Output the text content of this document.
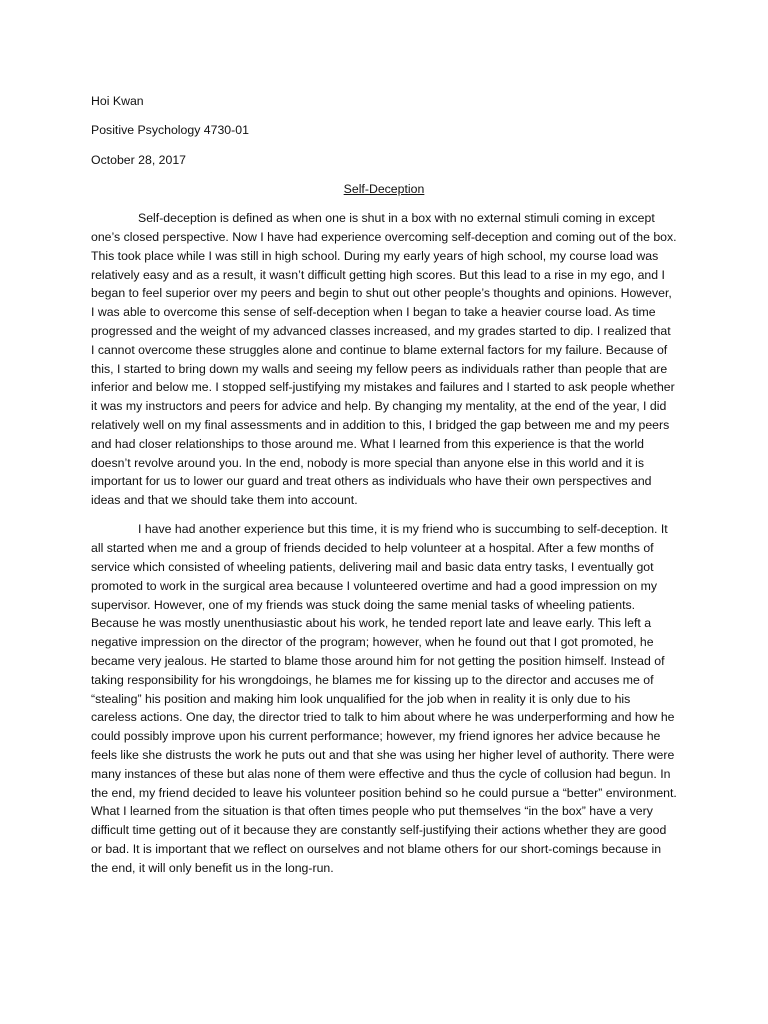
Hoi Kwan
Positive Psychology 4730-01
October 28, 2017
Self-Deception

Self-deception is defined as when one is shut in a box with no external stimuli coming in except one’s closed perspective. Now I have had experience overcoming self-deception and coming out of the box. This took place while I was still in high school. During my early years of high school, my course load was relatively easy and as a result, it wasn’t difficult getting high scores. But this lead to a rise in my ego, and I began to feel superior over my peers and begin to shut out other people’s thoughts and opinions. However, I was able to overcome this sense of self-deception when I began to take a heavier course load. As time progressed and the weight of my advanced classes increased, and my grades started to dip. I realized that I cannot overcome these struggles alone and continue to blame external factors for my failure. Because of this, I started to bring down my walls and seeing my fellow peers as individuals rather than people that are inferior and below me. I stopped self-justifying my mistakes and failures and I started to ask people whether it was my instructors and peers for advice and help. By changing my mentality, at the end of the year, I did relatively well on my final assessments and in addition to this, I bridged the gap between me and my peers and had closer relationships to those around me. What I learned from this experience is that the world doesn’t revolve around you. In the end, nobody is more special than anyone else in this world and it is important for us to lower our guard and treat others as individuals who have their own perspectives and ideas and that we should take them into account.

I have had another experience but this time, it is my friend who is succumbing to self-deception. It all started when me and a group of friends decided to help volunteer at a hospital. After a few months of service which consisted of wheeling patients, delivering mail and basic data entry tasks, I eventually got promoted to work in the surgical area because I volunteered overtime and had a good impression on my supervisor. However, one of my friends was stuck doing the same menial tasks of wheeling patients. Because he was mostly unenthusiastic about his work, he tended report late and leave early. This left a negative impression on the director of the program; however, when he found out that I got promoted, he became very jealous. He started to blame those around him for not getting the position himself. Instead of taking responsibility for his wrongdoings, he blames me for kissing up to the director and accuses me of “stealing” his position and making him look unqualified for the job when in reality it is only due to his careless actions. One day, the director tried to talk to him about where he was underperforming and how he could possibly improve upon his current performance; however, my friend ignores her advice because he feels like she distrusts the work he puts out and that she was using her higher level of authority. There were many instances of these but alas none of them were effective and thus the cycle of collusion had begun. In the end, my friend decided to leave his volunteer position behind so he could pursue a “better” environment. What I learned from the situation is that often times people who put themselves “in the box” have a very difficult time getting out of it because they are constantly self-justifying their actions whether they are good or bad. It is important that we reflect on ourselves and not blame others for our short-comings because in the end, it will only benefit us in the long-run.
